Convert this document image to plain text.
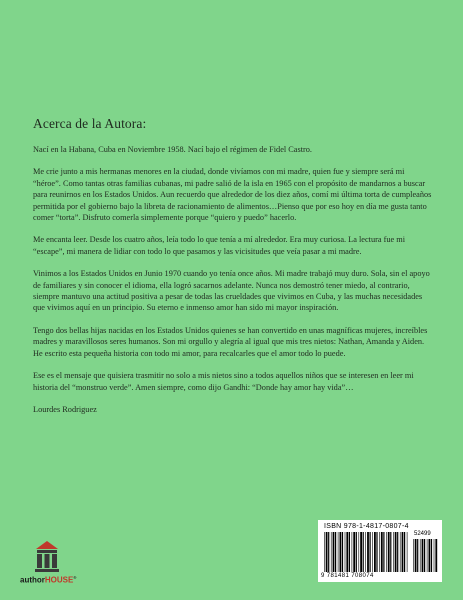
Acerca de la Autora:

Nací en la Habana, Cuba en Noviembre 1958. Nací bajo el régimen de Fidel Castro.

Me crie junto a mis hermanas menores en la ciudad, donde vivíamos con mi madre, quien fue y siempre será mi “héroe”. Como tantas otras familias cubanas, mi padre salió de la isla en 1965 con el propósito de mandarnos a buscar para reunirnos en los Estados Unidos. Aun recuerdo que alrededor de los diez años, comí mi última torta de cumpleaños permitida por el gobierno bajo la libreta de racionamiento de alimentos…Pienso que por eso hoy en día me gusta tanto comer “torta”. Disfruto comerla simplemente porque “quiero y puedo” hacerlo.

Me encanta leer. Desde los cuatro años, leía todo lo que tenía a mí alrededor. Era muy curiosa. La lectura fue mi “escape”, mi manera de lidiar con todo lo que pasamos y las vicisitudes que veía pasar a mi madre.

Vinimos a los Estados Unidos en Junio 1970 cuando yo tenía once años. Mi madre trabajó muy duro. Sola, sin el apoyo de familiares y sin conocer el idioma, ella logró sacarnos adelante. Nunca nos demostró tener miedo, al contrario, siempre mantuvo una actitud positiva a pesar de todas las crueldades que vivimos en Cuba, y las muchas necesidades que vivimos aquí en un principio. Su eterno e inmenso amor han sido mi mayor inspiración.

Tengo dos bellas hijas nacidas en los Estados Unidos quienes se han convertido en unas magníficas mujeres, increíbles madres y maravillosos seres humanos. Son mi orgullo y alegría al igual que mis tres nietos: Nathan, Amanda y Aiden. He escrito esta pequeña historia con todo mi amor, para recalcarles que el amor todo lo puede.

Ese es el mensaje que quisiera trasmitir no solo a mis nietos sino a todos aquellos niños que se interesen en leer mi historia del “monstruo verde”. Amen siempre, como dijo Gandhi: “Donde hay amor hay vida”…

Lourdes Rodriguez

authorHOUSE®
ISBN 978-1-4817-0807-4
52499
9 781481 708074
